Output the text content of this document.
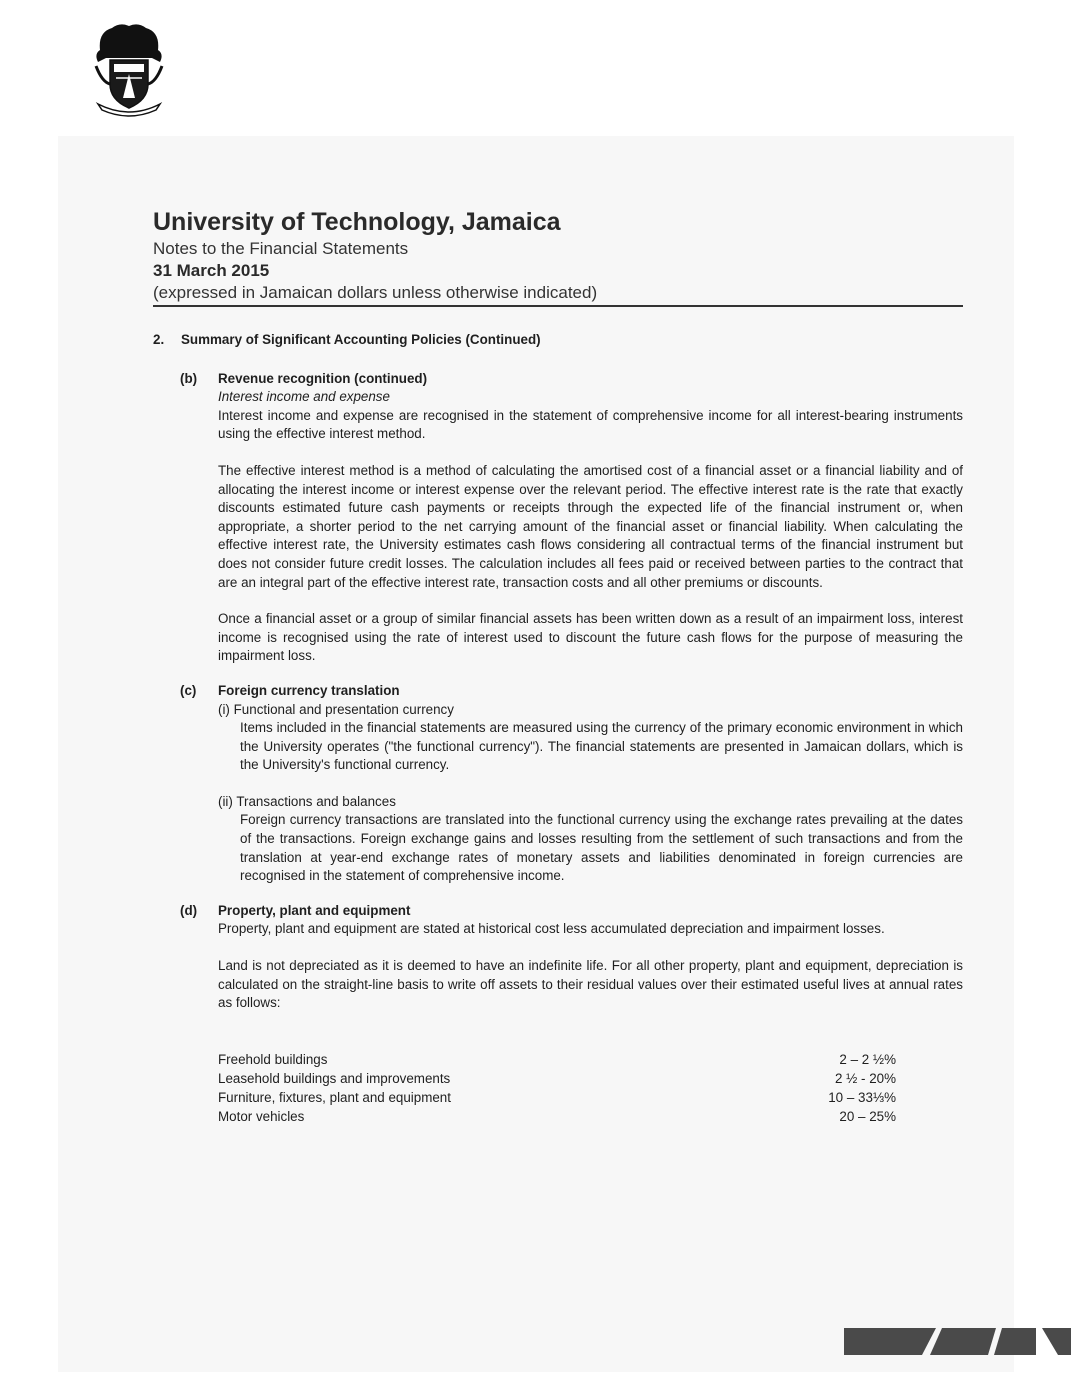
University of Technology, Jamaica

Notes to the Financial Statements

31 March 2015

(expressed in Jamaican dollars unless otherwise indicated)

2. Summary of Significant Accounting Policies (Continued)

(b) Revenue recognition (continued)

Interest income and expense

Interest income and expense are recognised in the statement of comprehensive income for all interest-bearing instruments using the effective interest method.

The effective interest method is a method of calculating the amortised cost of a financial asset or a financial liability and of allocating the interest income or interest expense over the relevant period. The effective interest rate is the rate that exactly discounts estimated future cash payments or receipts through the expected life of the financial instrument or, when appropriate, a shorter period to the net carrying amount of the financial asset or financial liability. When calculating the effective interest rate, the University estimates cash flows considering all contractual terms of the financial instrument but does not consider future credit losses. The calculation includes all fees paid or received between parties to the contract that are an integral part of the effective interest rate, transaction costs and all other premiums or discounts.

Once a financial asset or a group of similar financial assets has been written down as a result of an impairment loss, interest income is recognised using the rate of interest used to discount the future cash flows for the purpose of measuring the impairment loss.

(c) Foreign currency translation

(i) Functional and presentation currency

Items included in the financial statements are measured using the currency of the primary economic environment in which the University operates ("the functional currency"). The financial statements are presented in Jamaican dollars, which is the University's functional currency.

(ii) Transactions and balances

Foreign currency transactions are translated into the functional currency using the exchange rates prevailing at the dates of the transactions. Foreign exchange gains and losses resulting from the settlement of such transactions and from the translation at year-end exchange rates of monetary assets and liabilities denominated in foreign currencies are recognised in the statement of comprehensive income.

(d) Property, plant and equipment

Property, plant and equipment are stated at historical cost less accumulated depreciation and impairment losses.

Land is not depreciated as it is deemed to have an indefinite life. For all other property, plant and equipment, depreciation is calculated on the straight-line basis to write off assets to their residual values over their estimated useful lives at annual rates as follows:

Freehold buildings	2 – 2 ½%
Leasehold buildings and improvements	2 ½ - 20%
Furniture, fixtures, plant and equipment	10 – 33⅓%
Motor vehicles	20 – 25%
